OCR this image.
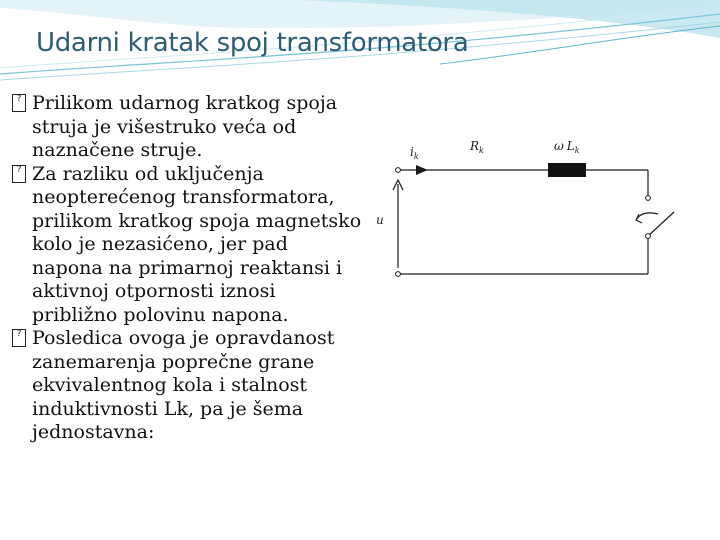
Udarni kratak spoj transformatora
? Prilikom udarnog kratkog spoja struja je višestruko veća od naznačene struje.
? Za razliku od uključenja neopterećenog transformatora, prilikom kratkog spoja magnetsko kolo je nezasićeno, jer pad napona na primarnoj reaktansi i aktivnoj otpornosti iznosi približno polovinu napona.
? Posledica ovoga je opravdanost zanemarenja poprečne grane ekvivalentnog kola i stalnost induktivnosti Lk, pa je šema jednostavna:
$i_k$
$R_k$	ω $L_k$
u
